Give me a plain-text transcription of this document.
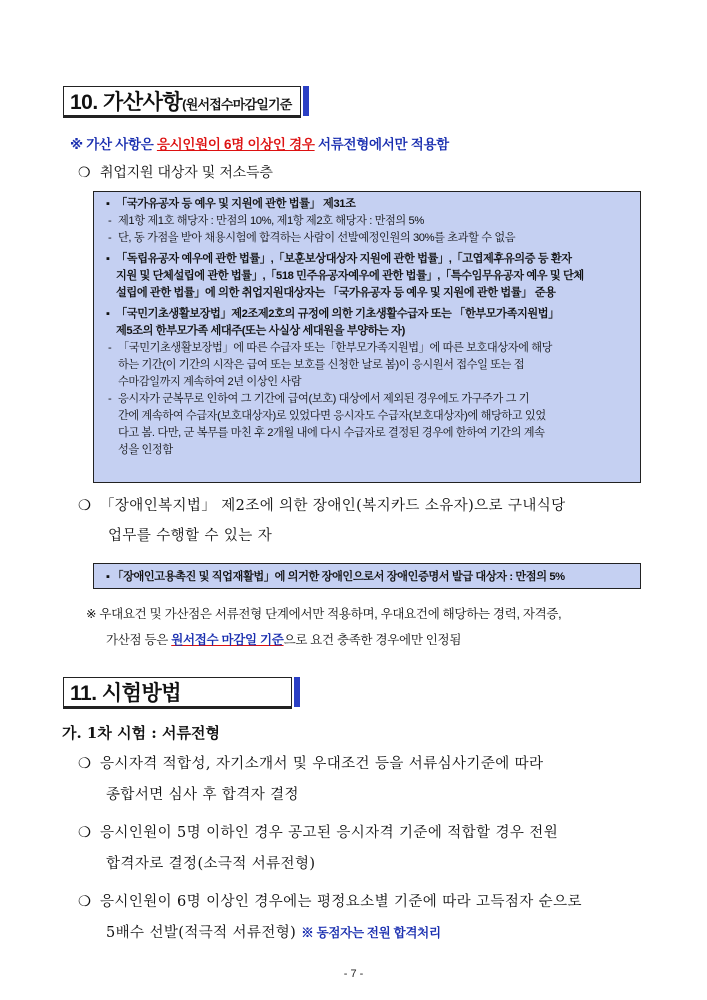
10. 가산사항 (원서접수마감일기준
※ 가산 사항은 응시인원이 6명 이상인 경우 서류전형에서만 적용함
❍ 취업지원 대상자 및 저소득층
▪ 「국가유공자 등 예우 및 지원에 관한 법률」 제31조
- 제1항 제1호 해당자 : 만점의 10%, 제1항 제2호 해당자 : 만점의 5%
- 단, 동 가점을 받아 채용시험에 합격하는 사람이 선발예정인원의 30%를 초과할 수 없음
▪ 「독립유공자 예우에 관한 법률」,「보훈보상대상자 지원에 관한 법률」,「고엽제후유의증 등 환자
지원 및 단체설립에 관한 법률」,「518 민주유공자예우에 관한 법률」,「특수임무유공자 예우 및 단체
설립에 관한 법률」에 의한 취업지원대상자는 「국가유공자 등 예우 및 지원에 관한 법률」 준용
▪ 「국민기초생활보장법」제2조제2호의 규정에 의한 기초생활수급자 또는 「한부모가족지원법」
제5조의 한부모가족 세대주(또는 사실상 세대원을 부양하는 자)
- 「국민기초생활보장법」에 따른 수급자 또는「한부모가족지원법」에 따른 보호대상자에 해당
하는 기간(이 기간의 시작은 급여 또는 보호를 신청한 날로 봄)이 응시원서 접수일 또는 접
수마감일까지 계속하여 2년 이상인 사람
- 응시자가 군복무로 인하여 그 기간에 급여(보호) 대상에서 제외된 경우에도 가구주가 그 기
간에 계속하여 수급자(보호대상자)로 있었다면 응시자도 수급자(보호대상자)에 해당하고 있었
다고 봄. 다만, 군 복무를 마친 후 2개월 내에 다시 수급자로 결정된 경우에 한하여 기간의 계속
성을 인정함
❍ 「장애인복지법」 제2조에 의한 장애인(복지카드 소유자)으로 구내식당
업무를 수행할 수 있는 자
▪ 「장애인고용촉진 및 직업재활법」에 의거한 장애인으로서 장애인증명서 발급 대상자 : 만점의 5%
※ 우대요건 및 가산점은 서류전형 단계에서만 적용하며, 우대요건에 해당하는 경력, 자격증,
가산점 등은 원서접수 마감일 기준으로 요건 충족한 경우에만 인정됨
11. 시험방법
가. 1차 시험 : 서류전형
❍ 응시자격 적합성, 자기소개서 및 우대조건 등을 서류심사기준에 따라
종합서면 심사 후 합격자 결정
❍ 응시인원이 5명 이하인 경우 공고된 응시자격 기준에 적합할 경우 전원
합격자로 결정(소극적 서류전형)
❍ 응시인원이 6명 이상인 경우에는 평정요소별 기준에 따라 고득점자 순으로
5배수 선발(적극적 서류전형) ※ 동점자는 전원 합격처리
- 7 -
